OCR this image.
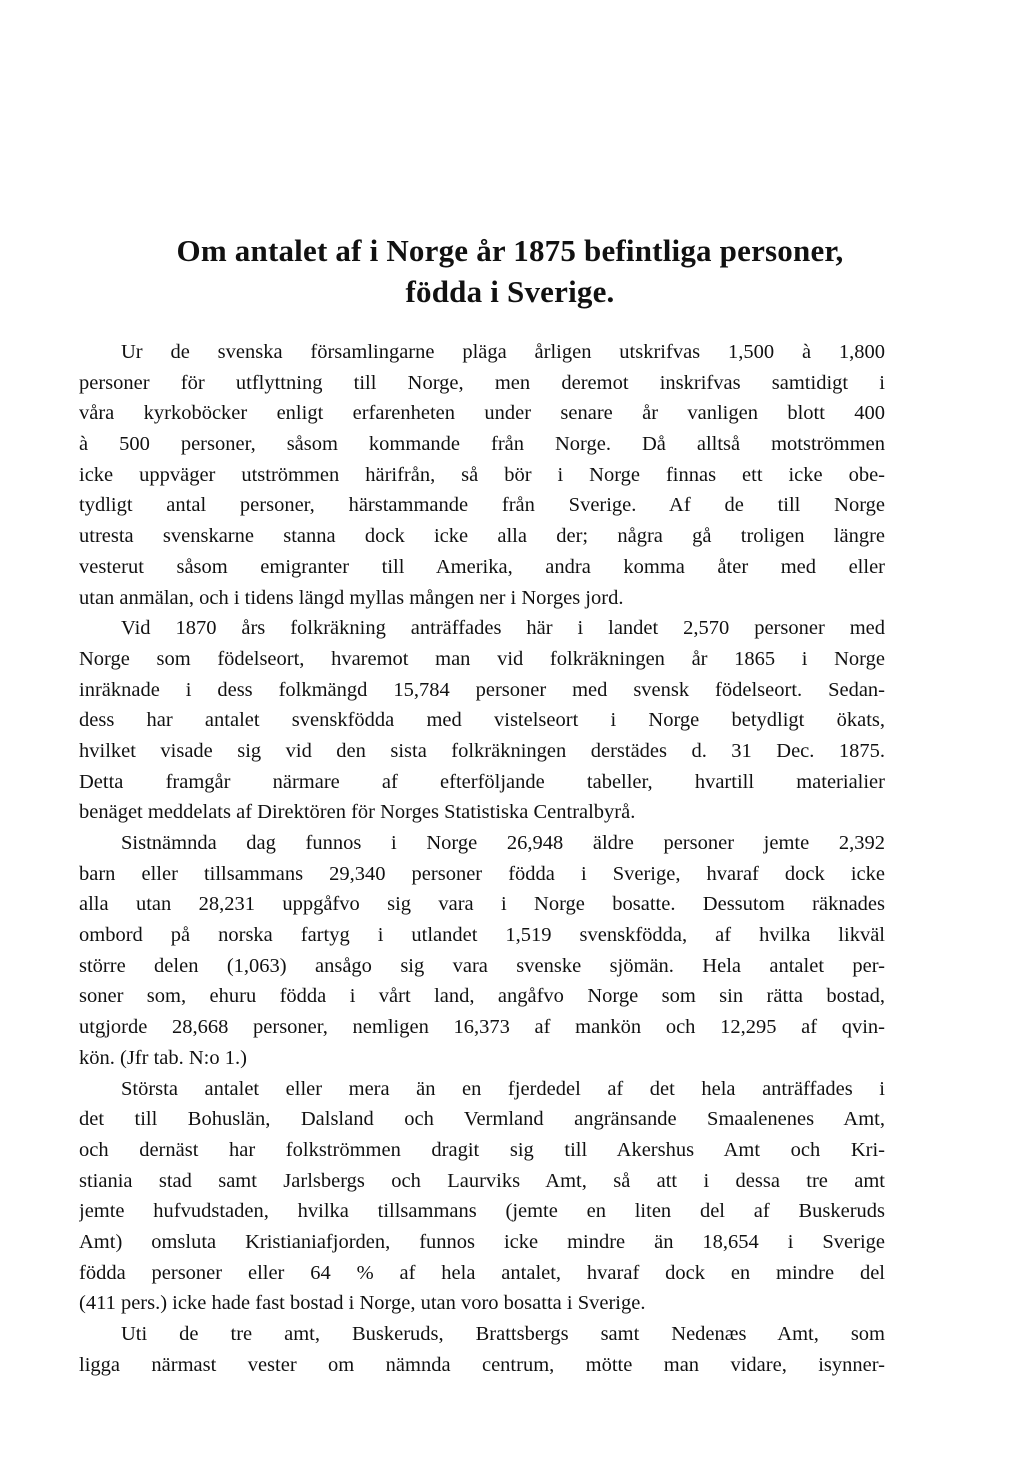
Om antalet af i Norge år 1875 befintliga personer,
födda i Sverige.
Ur de svenska församlingarne pläga årligen utskrifvas 1,500 à 1,800
personer för utflyttning till Norge, men deremot inskrifvas samtidigt i
våra kyrkoböcker enligt erfarenheten under senare år vanligen blott 400
à 500 personer, såsom kommande från Norge. Då alltså motströmmen
icke uppväger utströmmen härifrån, så bör i Norge finnas ett icke obe-
tydligt antal personer, härstammande från Sverige. Af de till Norge
utresta svenskarne stanna dock icke alla der; några gå troligen längre
vesterut såsom emigranter till Amerika, andra komma åter med eller
utan anmälan, och i tidens längd myllas mången ner i Norges jord.
Vid 1870 års folkräkning anträffades här i landet 2,570 personer med
Norge som födelseort, hvaremot man vid folkräkningen år 1865 i Norge
inräknade i dess folkmängd 15,784 personer med svensk födelseort. Sedan-
dess har antalet svenskfödda med vistelseort i Norge betydligt ökats,
hvilket visade sig vid den sista folkräkningen derstädes d. 31 Dec. 1875.
Detta framgår närmare af efterföljande tabeller, hvartill materialier
benäget meddelats af Direktören för Norges Statistiska Centralbyrå.
Sistnämnda dag funnos i Norge 26,948 äldre personer jemte 2,392
barn eller tillsammans 29,340 personer födda i Sverige, hvaraf dock icke
alla utan 28,231 uppgåfvo sig vara i Norge bosatte. Dessutom räknades
ombord på norska fartyg i utlandet 1,519 svenskfödda, af hvilka likväl
större delen (1,063) ansågo sig vara svenske sjömän. Hela antalet per-
soner som, ehuru födda i vårt land, angåfvo Norge som sin rätta bostad,
utgjorde 28,668 personer, nemligen 16,373 af mankön och 12,295 af qvin-
kön. (Jfr tab. N:o 1.)
Största antalet eller mera än en fjerdedel af det hela anträffades i
det till Bohuslän, Dalsland och Vermland angränsande Smaalenenes Amt,
och dernäst har folkströmmen dragit sig till Akershus Amt och Kri-
stiania stad samt Jarlsbergs och Laurviks Amt, så att i dessa tre amt
jemte hufvudstaden, hvilka tillsammans (jemte en liten del af Buskeruds
Amt) omsluta Kristianiafjorden, funnos icke mindre än 18,654 i Sverige
födda personer eller 64 % af hela antalet, hvaraf dock en mindre del
(411 pers.) icke hade fast bostad i Norge, utan voro bosatta i Sverige.
Uti de tre amt, Buskeruds, Brattsbergs samt Nedenæs Amt, som
ligga närmast vester om nämnda centrum, mötte man vidare, isynner-
